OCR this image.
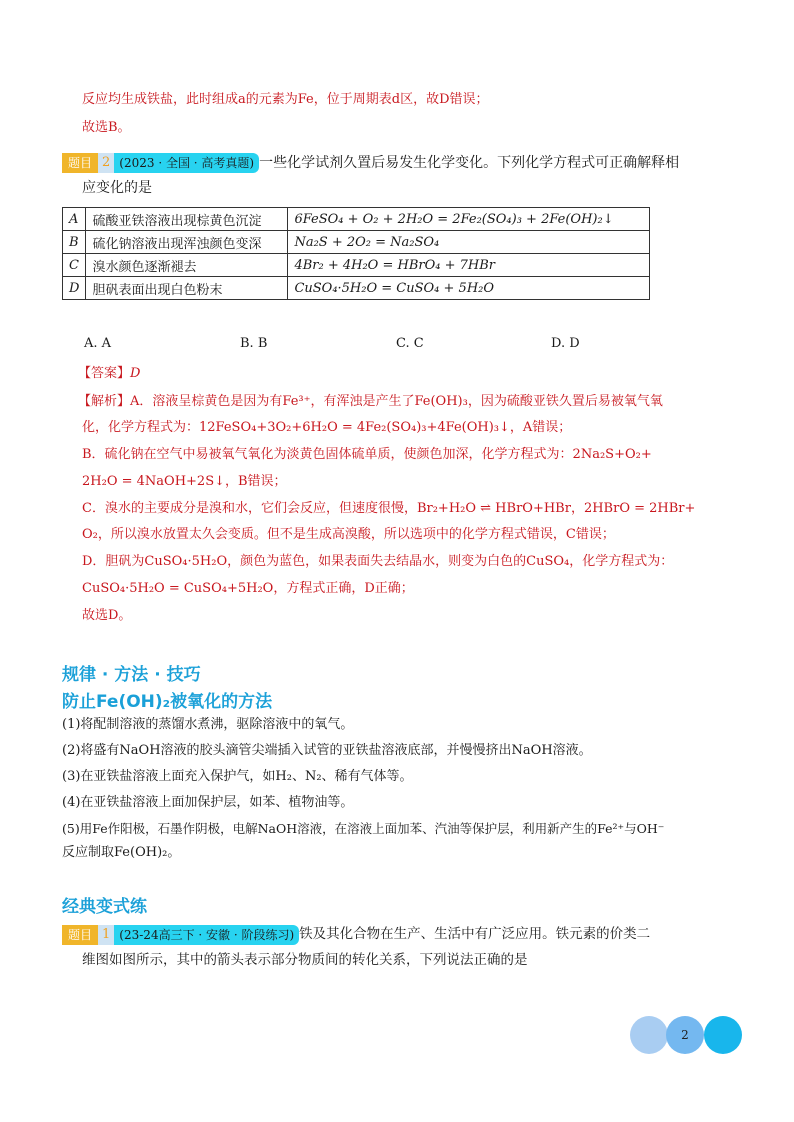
反应均生成铁盐，此时组成a的元素为Fe，位于周期表d区，故D错误；
故选B。
题目 2 (2023 · 全国 · 高考真题) 一些化学试剂久置后易发生化学变化。下列化学方程式可正确解释相
应变化的是
A	硫酸亚铁溶液出现棕黄色沉淀	6FeSO₄ + O₂ + 2H₂O = 2Fe₂(SO₄)₃ + 2Fe(OH)₂↓
B	硫化钠溶液出现浑浊颜色变深	Na₂S + 2O₂ = Na₂SO₄
C	溴水颜色逐渐褪去	4Br₂ + 4H₂O = HBrO₄ + 7HBr
D	胆矾表面出现白色粉末	CuSO₄·5H₂O = CuSO₄ + 5H₂O
A. A	B. B	C. C	D. D
【答案】D
【解析】A．溶液呈棕黄色是因为有Fe³⁺，有浑浊是产生了Fe(OH)₃，因为硫酸亚铁久置后易被氧气氧
化，化学方程式为：12FeSO₄+3O₂+6H₂O = 4Fe₂(SO₄)₃+4Fe(OH)₃↓，A错误；
B．硫化钠在空气中易被氧气氧化为淡黄色固体硫单质，使颜色加深，化学方程式为：2Na₂S+O₂+
2H₂O = 4NaOH+2S↓，B错误；
C．溴水的主要成分是溴和水，它们会反应，但速度很慢，Br₂+H₂O ⇌ HBrO+HBr，2HBrO = 2HBr+
O₂，所以溴水放置太久会变质。但不是生成高溴酸，所以选项中的化学方程式错误，C错误；
D．胆矾为CuSO₄·5H₂O，颜色为蓝色，如果表面失去结晶水，则变为白色的CuSO₄，化学方程式为：
CuSO₄·5H₂O = CuSO₄+5H₂O，方程式正确，D正确；
故选D。
规律 · 方法 · 技巧
防止Fe(OH)₂被氧化的方法
(1)将配制溶液的蒸馏水煮沸，驱除溶液中的氧气。
(2)将盛有NaOH溶液的胶头滴管尖端插入试管的亚铁盐溶液底部，并慢慢挤出NaOH溶液。
(3)在亚铁盐溶液上面充入保护气，如H₂、N₂、稀有气体等。
(4)在亚铁盐溶液上面加保护层，如苯、植物油等。
(5)用Fe作阳极，石墨作阴极，电解NaOH溶液，在溶液上面加苯、汽油等保护层，利用新产生的Fe²⁺与OH⁻
反应制取Fe(OH)₂。
经典变式练
题目 1 (23-24高三下 · 安徽 · 阶段练习) 铁及其化合物在生产、生活中有广泛应用。铁元素的价类二
维图如图所示，其中的箭头表示部分物质间的转化关系，下列说法正确的是
2
